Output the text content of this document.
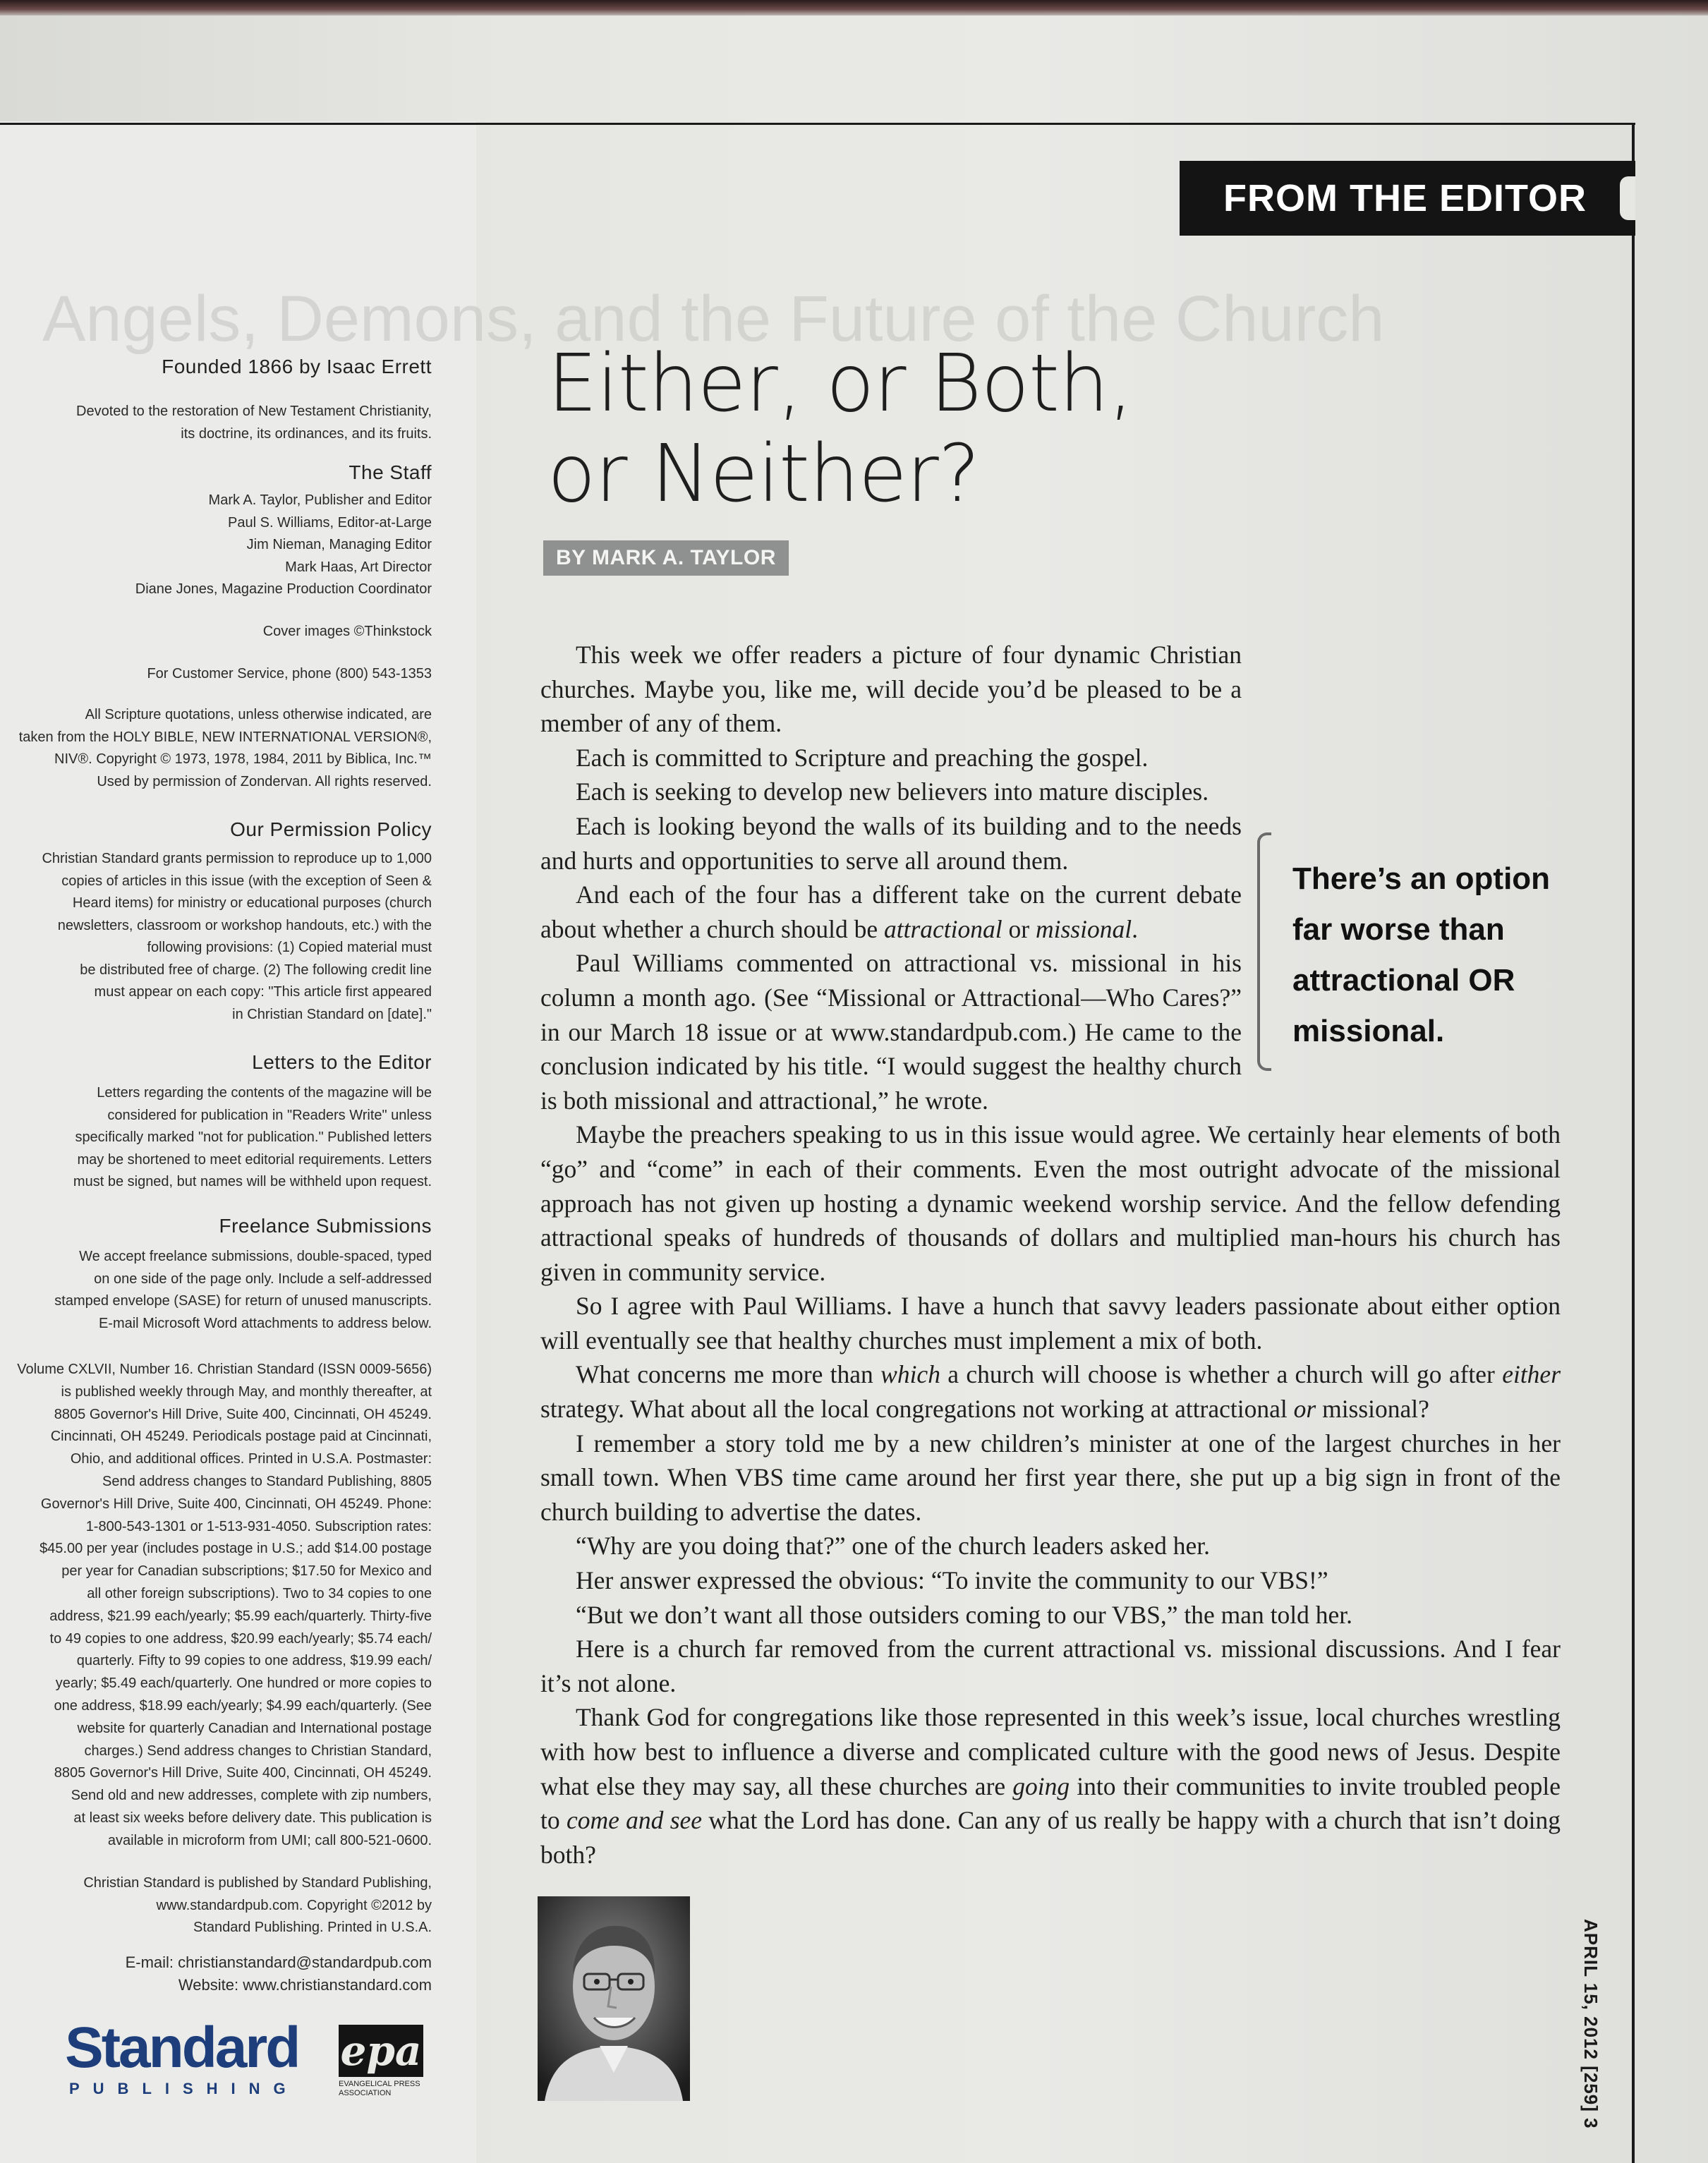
Angels, Demons, and the Future of the Church
FROM THE EDITOR
Founded 1866 by Isaac Errett
Devoted to the restoration of New Testament Christianity,
its doctrine, its ordinances, and its fruits.
The Staff
Mark A. Taylor, Publisher and Editor
Paul S. Williams, Editor-at-Large
Jim Nieman, Managing Editor
Mark Haas, Art Director
Diane Jones, Magazine Production Coordinator
Cover images ©Thinkstock
For Customer Service, phone (800) 543-1353
All Scripture quotations, unless otherwise indicated, are
taken from the HOLY BIBLE, NEW INTERNATIONAL VERSION®,
NIV®. Copyright © 1973, 1978, 1984, 2011 by Biblica, Inc.™
Used by permission of Zondervan. All rights reserved.
Our Permission Policy
Christian Standard grants permission to reproduce up to 1,000
copies of articles in this issue (with the exception of Seen &
Heard items) for ministry or educational purposes (church
newsletters, classroom or workshop handouts, etc.) with the
following provisions: (1) Copied material must
be distributed free of charge. (2) The following credit line
must appear on each copy: "This article first appeared
in Christian Standard on [date]."
Letters to the Editor
Letters regarding the contents of the magazine will be
considered for publication in "Readers Write" unless
specifically marked "not for publication." Published letters
may be shortened to meet editorial requirements. Letters
must be signed, but names will be withheld upon request.
Freelance Submissions
We accept freelance submissions, double-spaced, typed
on one side of the page only. Include a self-addressed
stamped envelope (SASE) for return of unused manuscripts.
E-mail Microsoft Word attachments to address below.
Volume CXLVII, Number 16. Christian Standard (ISSN 0009-5656)
is published weekly through May, and monthly thereafter, at
8805 Governor's Hill Drive, Suite 400, Cincinnati, OH 45249.
Cincinnati, OH 45249. Periodicals postage paid at Cincinnati,
Ohio, and additional offices. Printed in U.S.A. Postmaster:
Send address changes to Standard Publishing, 8805
Governor's Hill Drive, Suite 400, Cincinnati, OH 45249. Phone:
1-800-543-1301 or 1-513-931-4050. Subscription rates:
$45.00 per year (includes postage in U.S.; add $14.00 postage
per year for Canadian subscriptions; $17.50 for Mexico and
all other foreign subscriptions). Two to 34 copies to one
address, $21.99 each/yearly; $5.99 each/quarterly. Thirty-five
to 49 copies to one address, $20.99 each/yearly; $5.74 each/
quarterly. Fifty to 99 copies to one address, $19.99 each/
yearly; $5.49 each/quarterly. One hundred or more copies to
one address, $18.99 each/yearly; $4.99 each/quarterly. (See
website for quarterly Canadian and International postage
charges.) Send address changes to Christian Standard,
8805 Governor's Hill Drive, Suite 400, Cincinnati, OH 45249.
Send old and new addresses, complete with zip numbers,
at least six weeks before delivery date. This publication is
available in microform from UMI; call 800-521-0600.
Christian Standard is published by Standard Publishing,
www.standardpub.com. Copyright ©2012 by
Standard Publishing. Printed in U.S.A.
E-mail: christianstandard@standardpub.com
Website: www.christianstandard.com
Standard
PUBLISHING
epa
EVANGELICAL PRESS ASSOCIATION
Either, or Both,
or Neither?
BY MARK A. TAYLOR

This week we offer readers a picture of four dynamic Christian churches. Maybe you, like me, will decide you’d be pleased to be a member of any of them.

Each is committed to Scripture and preaching the gospel.

Each is seeking to develop new believers into mature disciples.

Each is looking beyond the walls of its building and to the needs and hurts and opportunities to serve all around them.

And each of the four has a different take on the current debate about whether a church should be attractional or missional.

Paul Williams commented on attractional vs. missional in his column a month ago. (See “Missional or Attractional—Who Cares?” in our March 18 issue or at www.standardpub.com.) He came to the conclusion indicated by his title. “I would suggest the healthy church is both missional and attractional,” he wrote.

Maybe the preachers speaking to us in this issue would agree. We certainly hear elements of both “go” and “come” in each of their comments. Even the most outright advocate of the missional approach has not given up hosting a dynamic weekend worship service. And the fellow defending attractional speaks of hundreds of thousands of dollars and multiplied man-hours his church has given in community service.

So I agree with Paul Williams. I have a hunch that savvy leaders passionate about either option will eventually see that healthy churches must implement a mix of both.

What concerns me more than which a church will choose is whether a church will go after either strategy. What about all the local congregations not working at attractional or missional?

I remember a story told me by a new children’s minister at one of the largest churches in her small town. When VBS time came around her first year there, she put up a big sign in front of the church building to advertise the dates.

“Why are you doing that?” one of the church leaders asked her.

Her answer expressed the obvious: “To invite the community to our VBS!”

“But we don’t want all those outsiders coming to our VBS,” the man told her.

Here is a church far removed from the current attractional vs. missional discussions. And I fear it’s not alone.

Thank God for congregations like those represented in this week’s issue, local churches wrestling with how best to influence a diverse and complicated culture with the good news of Jesus. Despite what else they may say, all these churches are going into their communities to invite troubled people to come and see what the Lord has done. Can any of us really be happy with a church that isn’t doing both?

There’s an option far worse than attractional OR missional.
APRIL 15, 2012 [259] 3
